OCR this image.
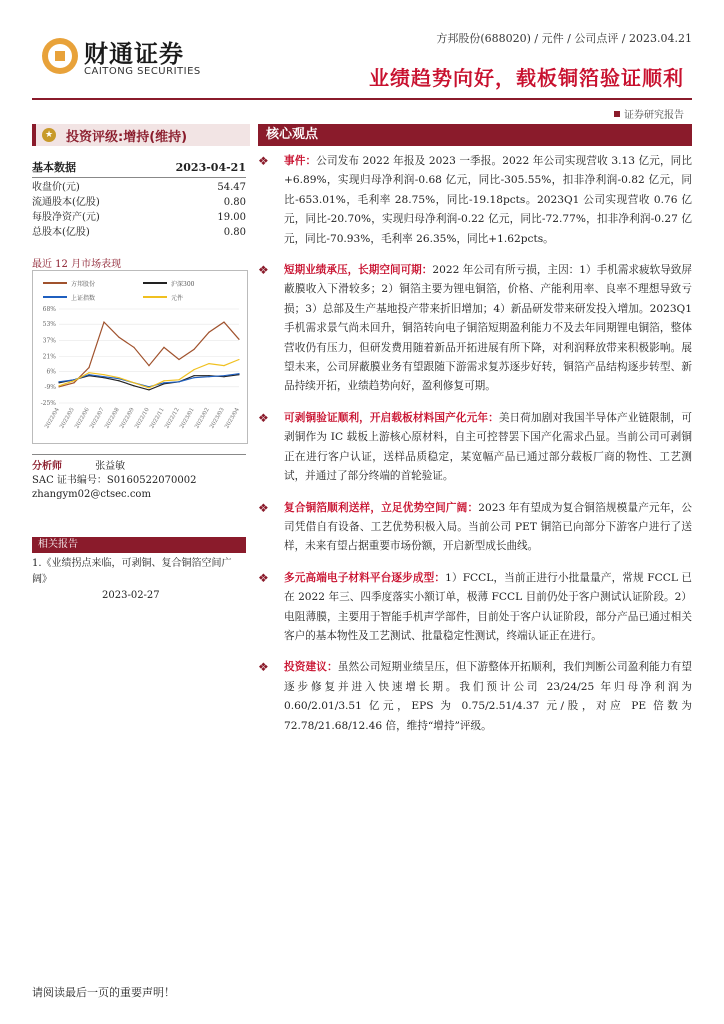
财通证券
CAITONG SECURITIES
方邦股份(688020) / 元件 / 公司点评 / 2023.04.21
业绩趋势向好，载板铜箔验证顺利
证券研究报告
★ 投资评级:增持(维持)
基本数据	2023-04-21
收盘价(元)	54.47
流通股本(亿股)	0.80
每股净资产(元)	19.00
总股本(亿股)	0.80
最近 12 月市场表现
方邦股份	沪深300
上证指数	元件
-25%
-9%
6%
21%
37%
53%
68%
2022/04
2022/05
2022/06
2022/07
2022/08
2022/09
2022/10
2022/11
2022/12
2023/01
2023/02
2023/03
2023/04
分析师	张益敏
SAC 证书编号：S0160522070002
zhangym02@ctsec.com
相关报告
1.《业绩拐点来临，可剥铜、复合铜箔空间广阔》
2023-02-27
请阅读最后一页的重要声明！
核心观点
❖ 事件：公司发布 2022 年报及 2023 一季报。2022 年公司实现营收 3.13 亿元，同比+6.89%，实现归母净利润-0.68 亿元，同比-305.55%，扣非净利润-0.82 亿元，同比-653.01%，毛利率 28.75%，同比-19.18pcts。2023Q1 公司实现营收 0.76 亿元，同比-20.70%，实现归母净利润-0.22 亿元，同比-72.77%，扣非净利润-0.27 亿元，同比-70.93%，毛利率 26.35%，同比+1.62pcts。
❖ 短期业绩承压，长期空间可期：2022 年公司有所亏损，主因：1）手机需求疲软导致屏蔽膜收入下滑较多；2）铜箔主要为锂电铜箔，价格、产能利用率、良率不理想导致亏损；3）总部及生产基地投产带来折旧增加；4）新品研发带来研发投入增加。2023Q1 手机需求景气尚未回升，铜箔转向电子铜箔短期盈利能力不及去年同期锂电铜箔，整体营收仍有压力，但研发费用随着新品开拓进展有所下降，对利润释放带来积极影响。展望未来，公司屏蔽膜业务有望跟随下游需求复苏逐步好转，铜箔产品结构逐步转型、新品持续开拓，业绩趋势向好，盈利修复可期。
❖ 可剥铜验证顺利，开启载板材料国产化元年：美日荷加剧对我国半导体产业链限制，可剥铜作为 IC 载板上游核心原材料，自主可控替罢下国产化需求凸显。当前公司可剥铜正在进行客户认证，送样品质稳定，某宽幅产品已通过部分载板厂商的物性、工艺测试，并通过了部分终端的首轮验证。
❖ 复合铜箔顺利送样，立足优势空间广阔：2023 年有望成为复合铜箔规模量产元年，公司凭借自有设备、工艺优势积极入局。当前公司 PET 铜箔已向部分下游客户进行了送样，未来有望占据重要市场份额，开启新型成长曲线。
❖ 多元高端电子材料平台逐步成型：1）FCCL，当前正进行小批量量产，常规 FCCL 已在 2022 年三、四季度落实小额订单，极薄 FCCL 目前仍处于客户测试认证阶段。2）电阻薄膜，主要用于智能手机声学部件，目前处于客户认证阶段，部分产品已通过相关客户的基本物性及工艺测试、批量稳定性测试，终端认证正在进行。
❖ 投资建议：虽然公司短期业绩呈压，但下游整体开拓顺利，我们判断公司盈利能力有望逐步修复并进入快速增长期。我们预计公司 23/24/25 年归母净利润为 0.60/2.01/3.51 亿元，EPS 为 0.75/2.51/4.37 元/股，对应 PE 倍数为 72.78/21.68/12.46 倍，维持“增持”评级。
